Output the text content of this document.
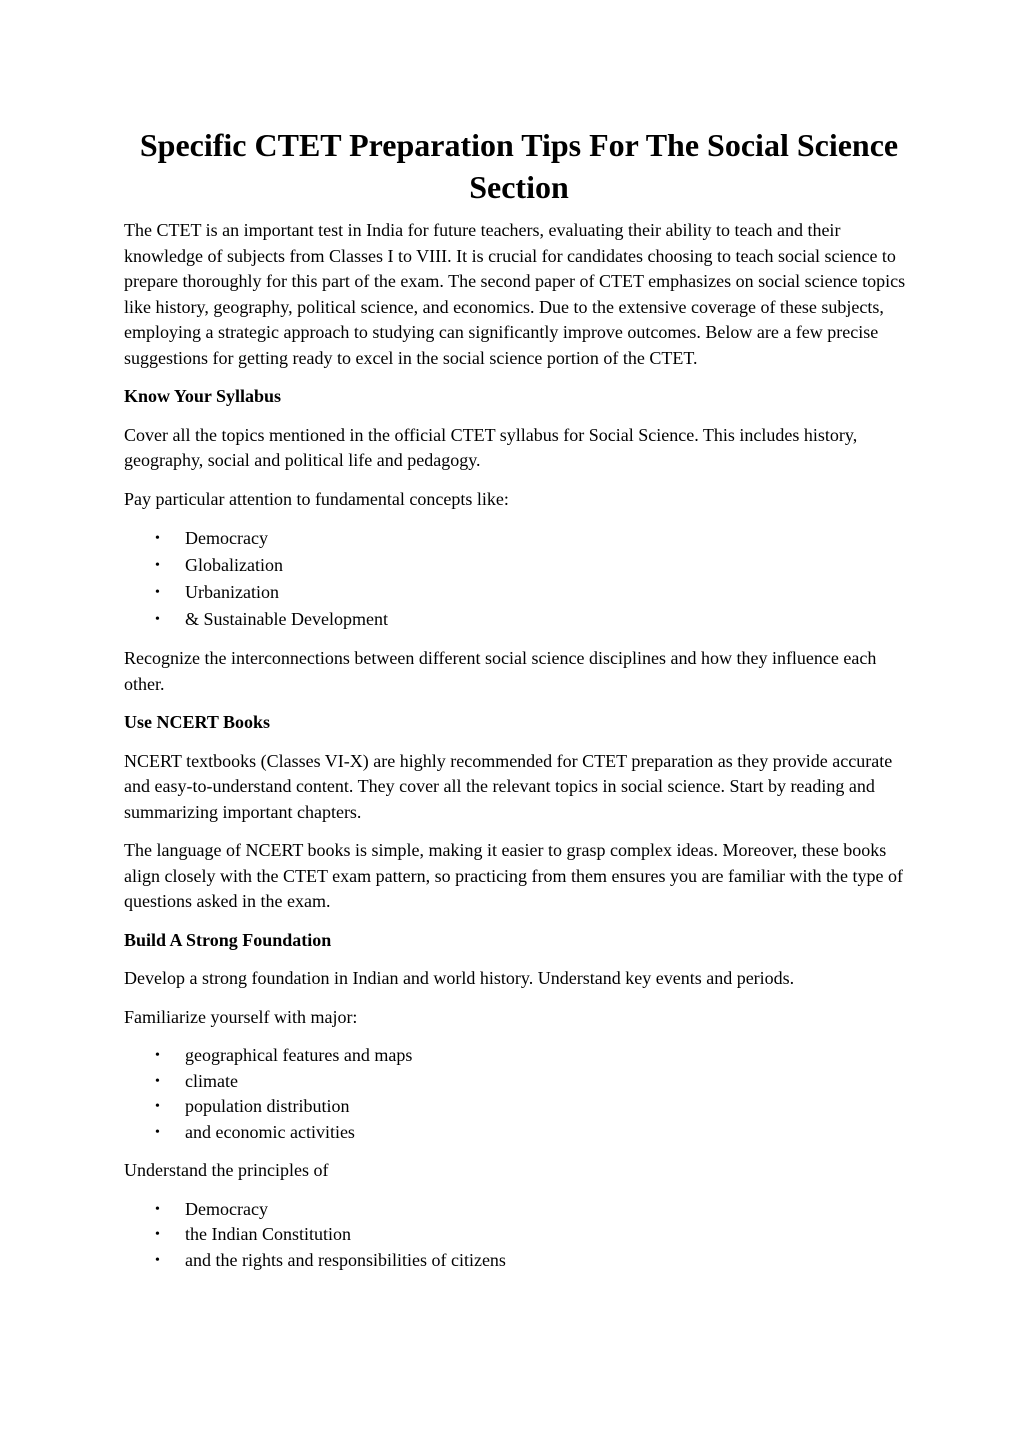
Specific CTET Preparation Tips For The Social Science Section

The CTET is an important test in India for future teachers, evaluating their ability to teach and their knowledge of subjects from Classes I to VIII. It is crucial for candidates choosing to teach social science to prepare thoroughly for this part of the exam. The second paper of CTET emphasizes on social science topics like history, geography, political science, and economics. Due to the extensive coverage of these subjects, employing a strategic approach to studying can significantly improve outcomes. Below are a few precise suggestions for getting ready to excel in the social science portion of the CTET.

Know Your Syllabus

Cover all the topics mentioned in the official CTET syllabus for Social Science. This includes history, geography, social and political life and pedagogy.

Pay particular attention to fundamental concepts like:

• Democracy
• Globalization
• Urbanization
• & Sustainable Development

Recognize the interconnections between different social science disciplines and how they influence each other.

Use NCERT Books

NCERT textbooks (Classes VI-X) are highly recommended for CTET preparation as they provide accurate and easy-to-understand content. They cover all the relevant topics in social science. Start by reading and summarizing important chapters.

The language of NCERT books is simple, making it easier to grasp complex ideas. Moreover, these books align closely with the CTET exam pattern, so practicing from them ensures you are familiar with the type of questions asked in the exam.

Build A Strong Foundation

Develop a strong foundation in Indian and world history. Understand key events and periods.

Familiarize yourself with major:

• geographical features and maps
• climate
• population distribution
• and economic activities

Understand the principles of

• Democracy
• the Indian Constitution
• and the rights and responsibilities of citizens
